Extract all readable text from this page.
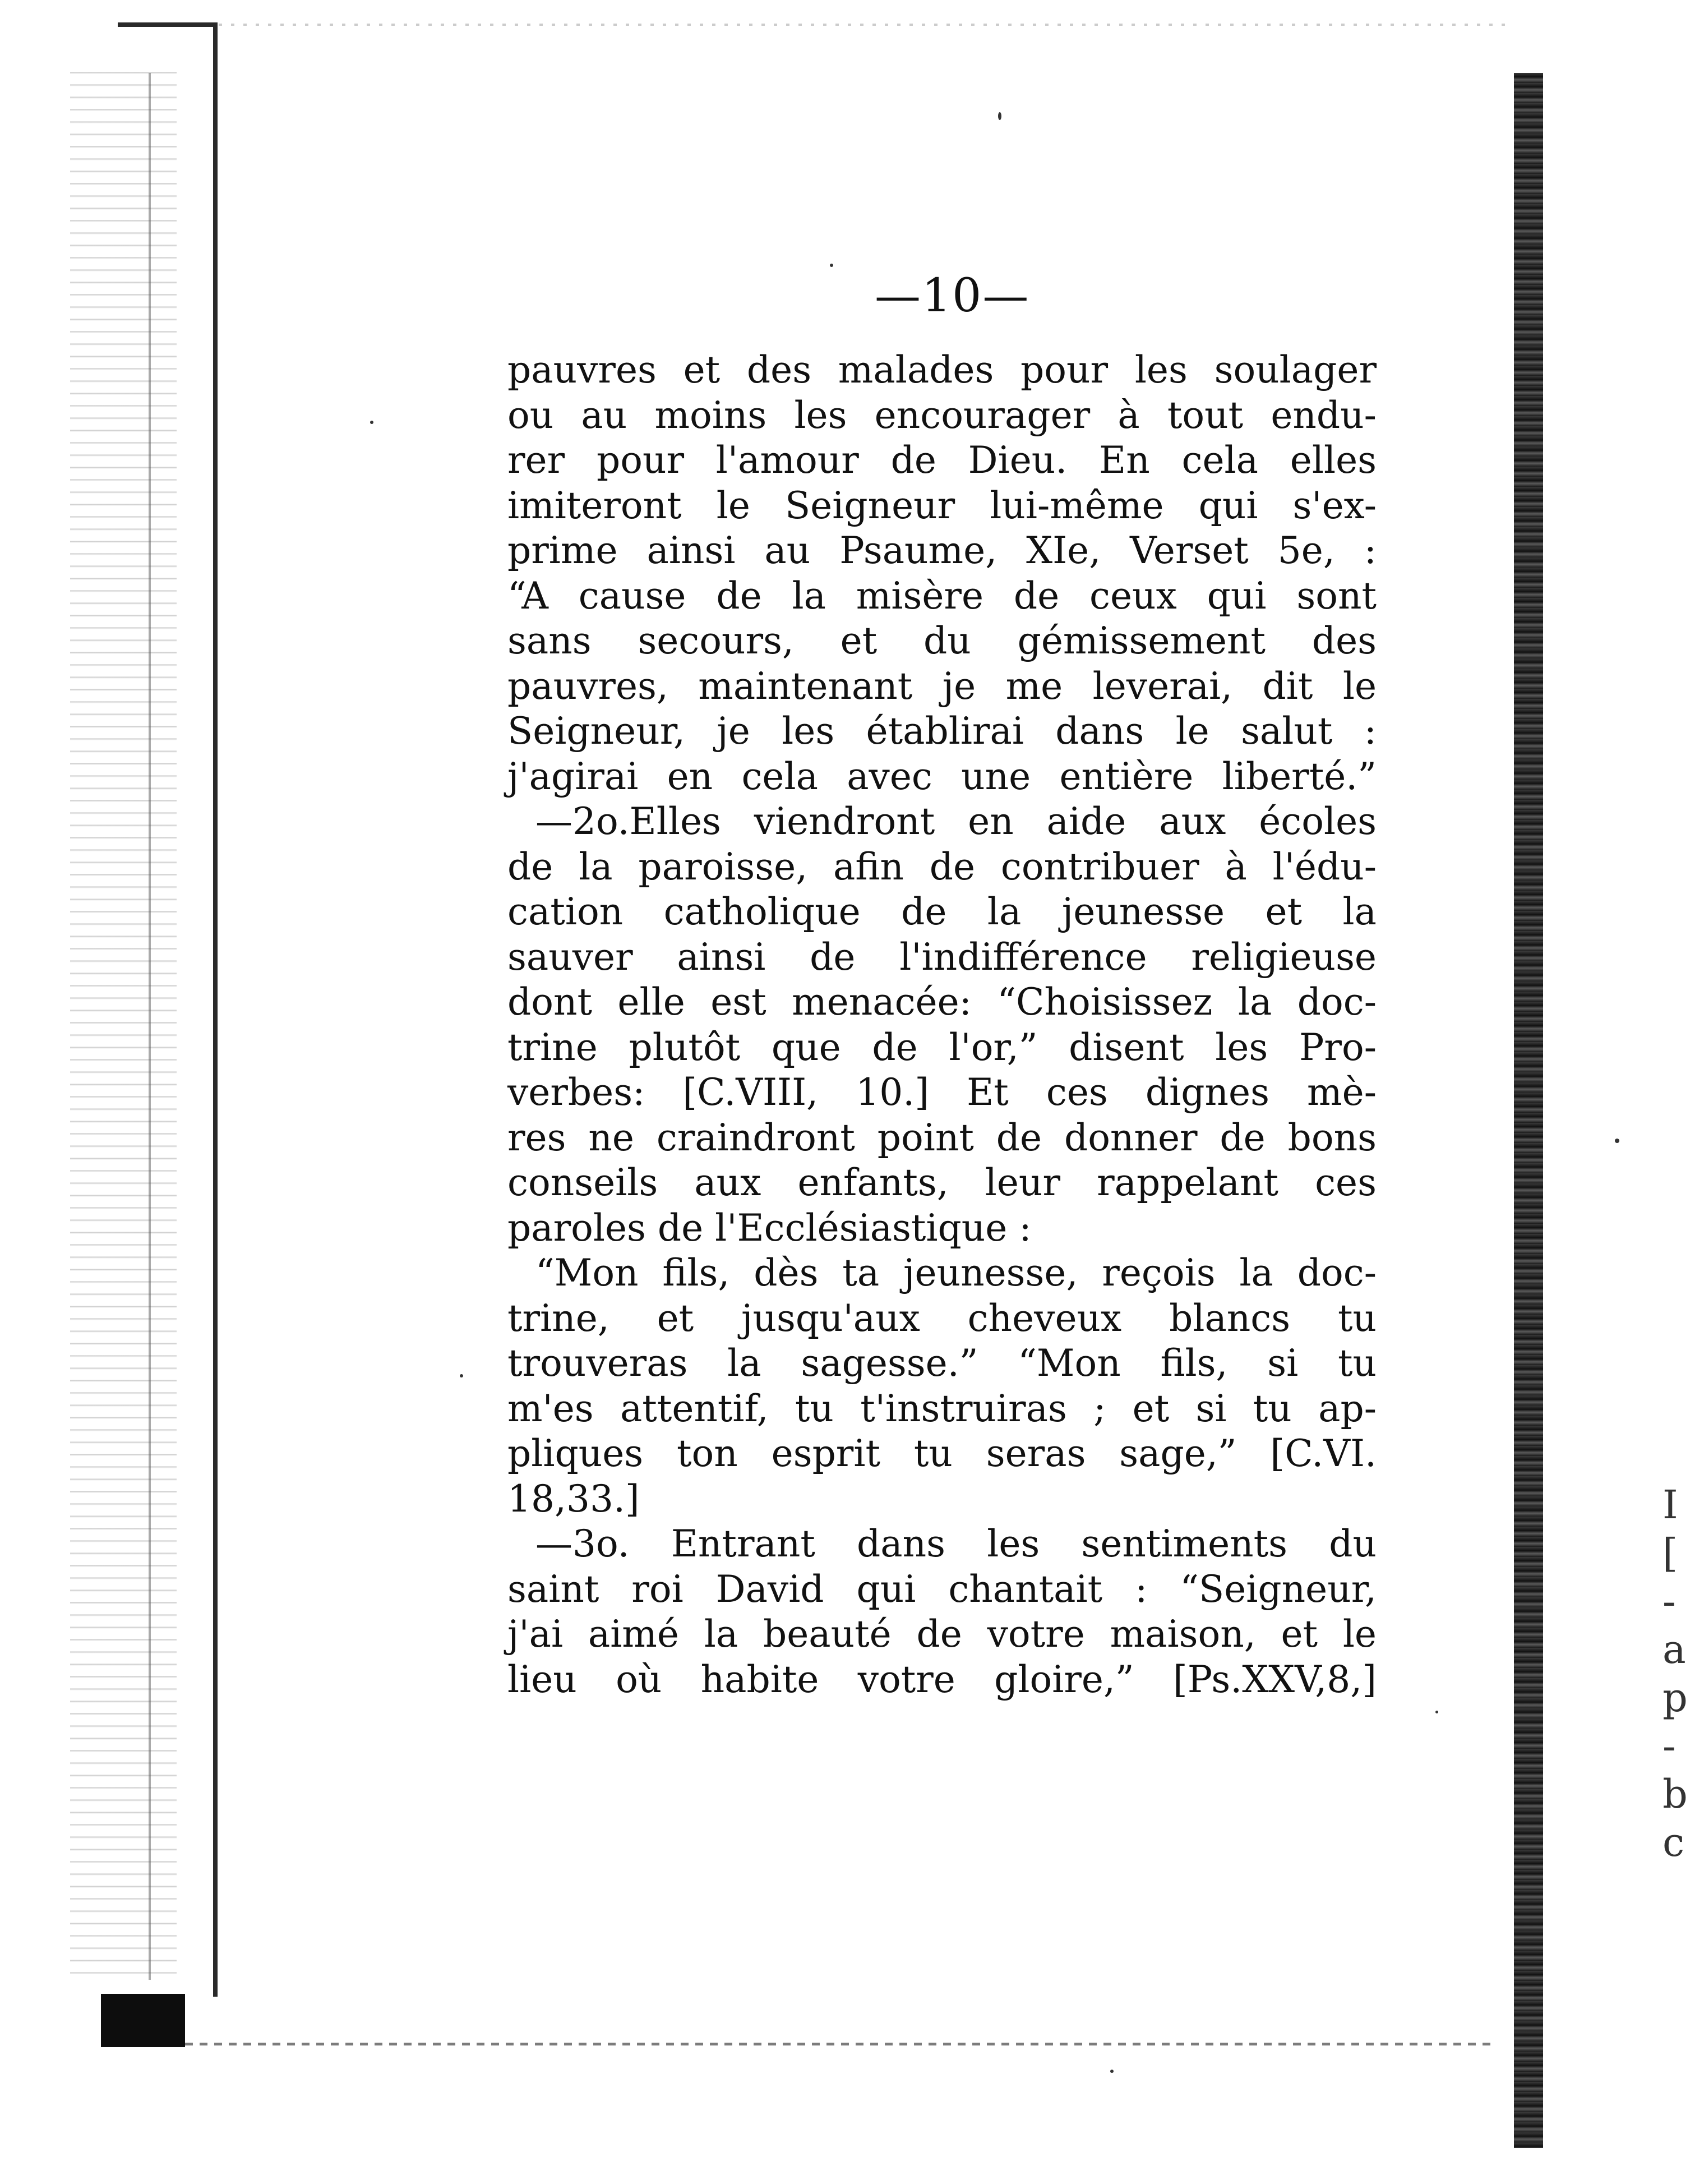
I
[
-
a
p
-
b
c
—10—
pauvres et des malades pour les soulager
ou au moins les encourager à tout endu-
rer pour l'amour de Dieu. En cela elles
imiteront le Seigneur lui-même qui s'ex-
prime ainsi au Psaume, XIe, Verset 5e, :
“A cause de la misère de ceux qui sont
sans secours, et du gémissement des
pauvres, maintenant je me leverai, dit le
Seigneur, je les établirai dans le salut :
j'agirai en cela avec une entière liberté.”
—2o.Elles viendront en aide aux écoles
de la paroisse, afin de contribuer à l'édu-
cation catholique de la jeunesse et la
sauver ainsi de l'indifférence religieuse
dont elle est menacée: “Choisissez la doc-
trine plutôt que de l'or,” disent les Pro-
verbes: [C.VIII, 10.] Et ces dignes mè-
res ne craindront point de donner de bons
conseils aux enfants, leur rappelant ces
paroles de l'Ecclésiastique :
“Mon fils, dès ta jeunesse, reçois la doc-
trine, et jusqu'aux cheveux blancs tu
trouveras la sagesse.” “Mon fils, si tu
m'es attentif, tu t'instruiras ; et si tu ap-
pliques ton esprit tu seras sage,” [C.VI.
18,33.]
—3o. Entrant dans les sentiments du
saint roi David qui chantait : “Seigneur,
j'ai aimé la beauté de votre maison, et le
lieu où habite votre gloire,” [Ps.XXV,8,]
